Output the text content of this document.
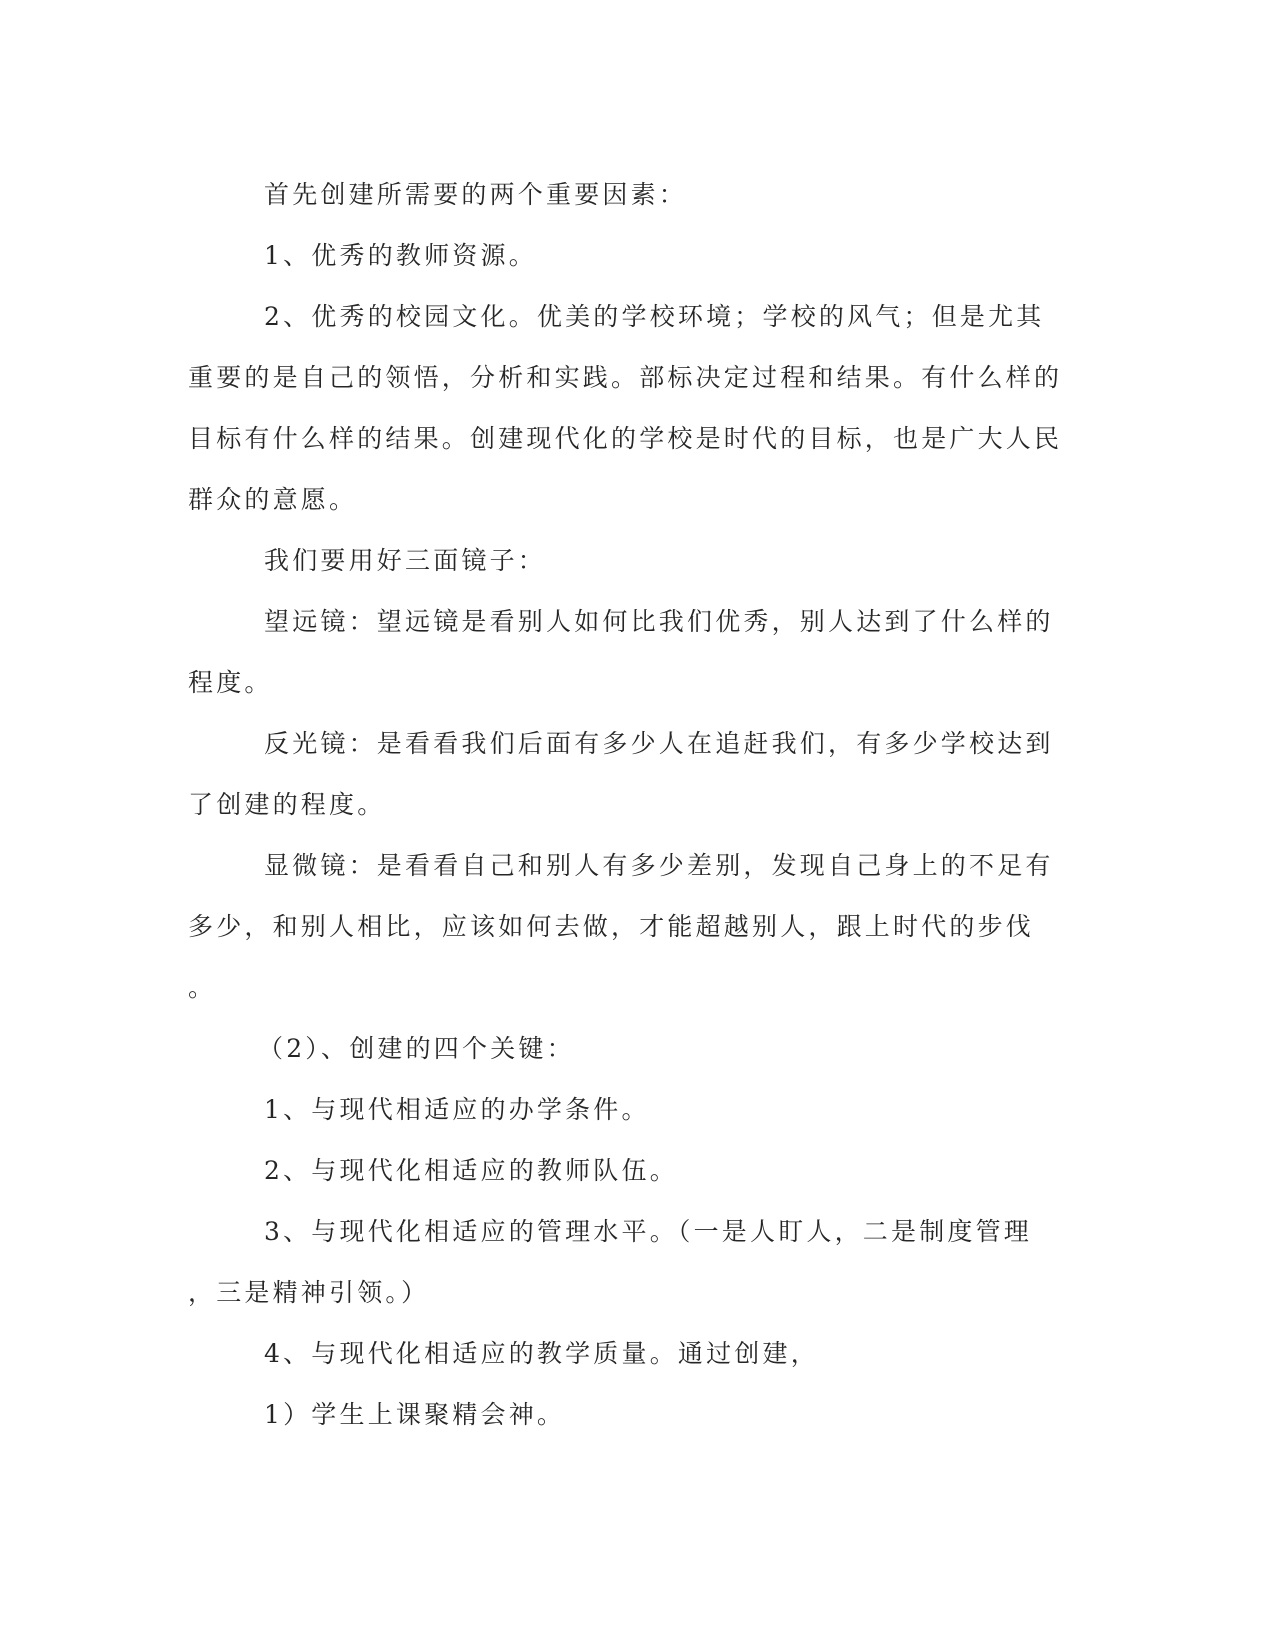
首先创建所需要的两个重要因素：

1、优秀的教师资源。

2、优秀的校园文化。优美的学校环境；学校的风气；但是尤其重要的是自己的领悟，分析和实践。部标决定过程和结果。有什么样的目标有什么样的结果。创建现代化的学校是时代的目标，也是广大人民群众的意愿。

我们要用好三面镜子：

望远镜：望远镜是看别人如何比我们优秀，别人达到了什么样的程度。

反光镜：是看看我们后面有多少人在追赶我们，有多少学校达到了创建的程度。

显微镜：是看看自己和别人有多少差别，发现自己身上的不足有多少，和别人相比，应该如何去做，才能超越别人，跟上时代的步伐
。

（2）、创建的四个关键：

1、与现代相适应的办学条件。

2、与现代化相适应的教师队伍。

3、与现代化相适应的管理水平。（一是人盯人，二是制度管理
，三是精神引领。）

4、与现代化相适应的教学质量。通过创建，

1）学生上课聚精会神。
